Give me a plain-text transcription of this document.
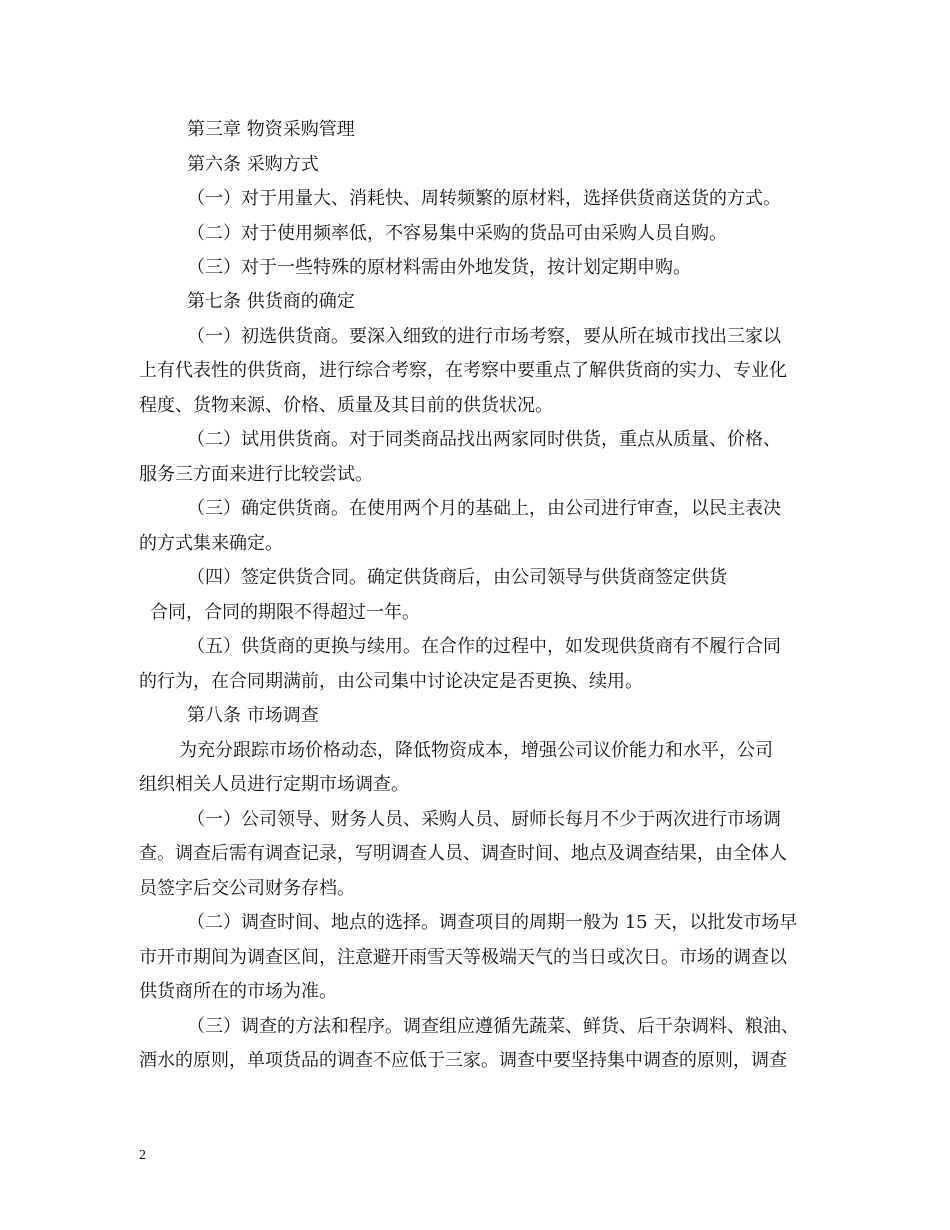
第三章 物资采购管理
第六条 采购方式
（一）对于用量大、消耗快、周转频繁的原材料，选择供货商送货的方式。
（二）对于使用频率低，不容易集中采购的货品可由采购人员自购。
（三）对于一些特殊的原材料需由外地发货，按计划定期申购。
第七条 供货商的确定
（一）初选供货商。要深入细致的进行市场考察，要从所在城市找出三家以
上有代表性的供货商，进行综合考察，在考察中要重点了解供货商的实力、专业化
程度、货物来源、价格、质量及其目前的供货状况。
（二）试用供货商。对于同类商品找出两家同时供货，重点从质量、价格、
服务三方面来进行比较尝试。
（三）确定供货商。在使用两个月的基础上，由公司进行审查，以民主表决
的方式集来确定。
（四）签定供货合同。确定供货商后，由公司领导与供货商签定供货
合同，合同的期限不得超过一年。
（五）供货商的更换与续用。在合作的过程中，如发现供货商有不履行合同
的行为，在合同期满前，由公司集中讨论决定是否更换、续用。
第八条 市场调查
为充分跟踪市场价格动态，降低物资成本，增强公司议价能力和水平，公司
组织相关人员进行定期市场调查。
（一）公司领导、财务人员、采购人员、厨师长每月不少于两次进行市场调
查。调查后需有调查记录，写明调查人员、调查时间、地点及调查结果，由全体人
员签字后交公司财务存档。
（二）调查时间、地点的选择。调查项目的周期一般为 15 天，以批发市场早
市开市期间为调查区间，注意避开雨雪天等极端天气的当日或次日。市场的调查以
供货商所在的市场为准。
（三）调查的方法和程序。调查组应遵循先蔬菜、鲜货、后干杂调料、粮油、
酒水的原则，单项货品的调查不应低于三家。调查中要坚持集中调查的原则，调查
2
